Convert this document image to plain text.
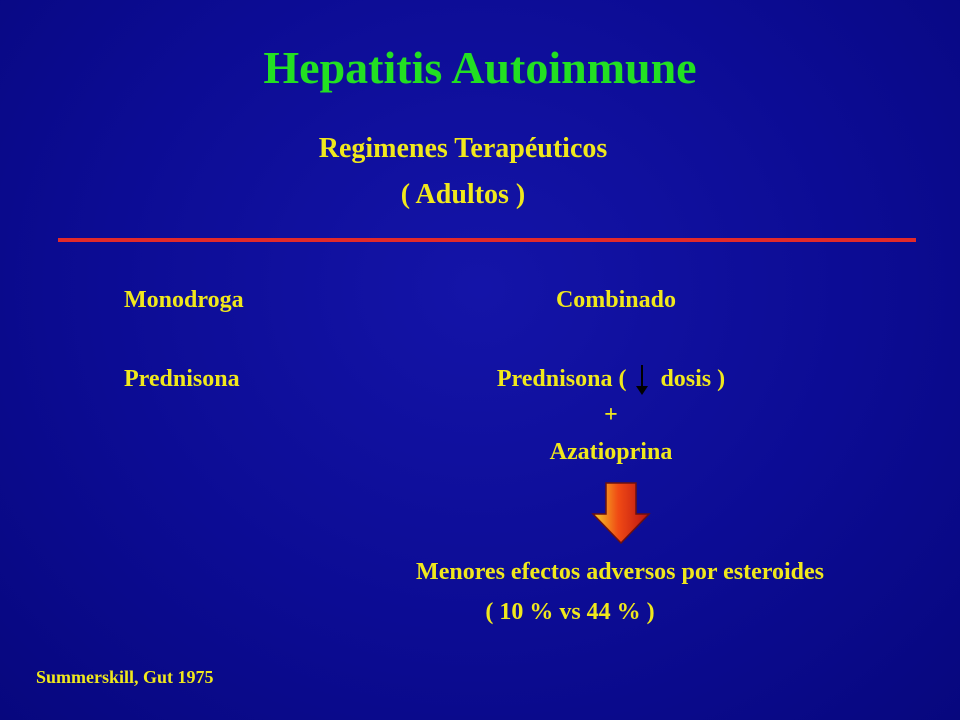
Hepatitis Autoinmune
Regimenes Terapéuticos
( Adultos )
Monodroga
Prednisona
Combinado
Prednisona ( dosis )
+
Azatioprina
Menores efectos adversos por esteroides
( 10 % vs 44 % )
Summerskill, Gut 1975
